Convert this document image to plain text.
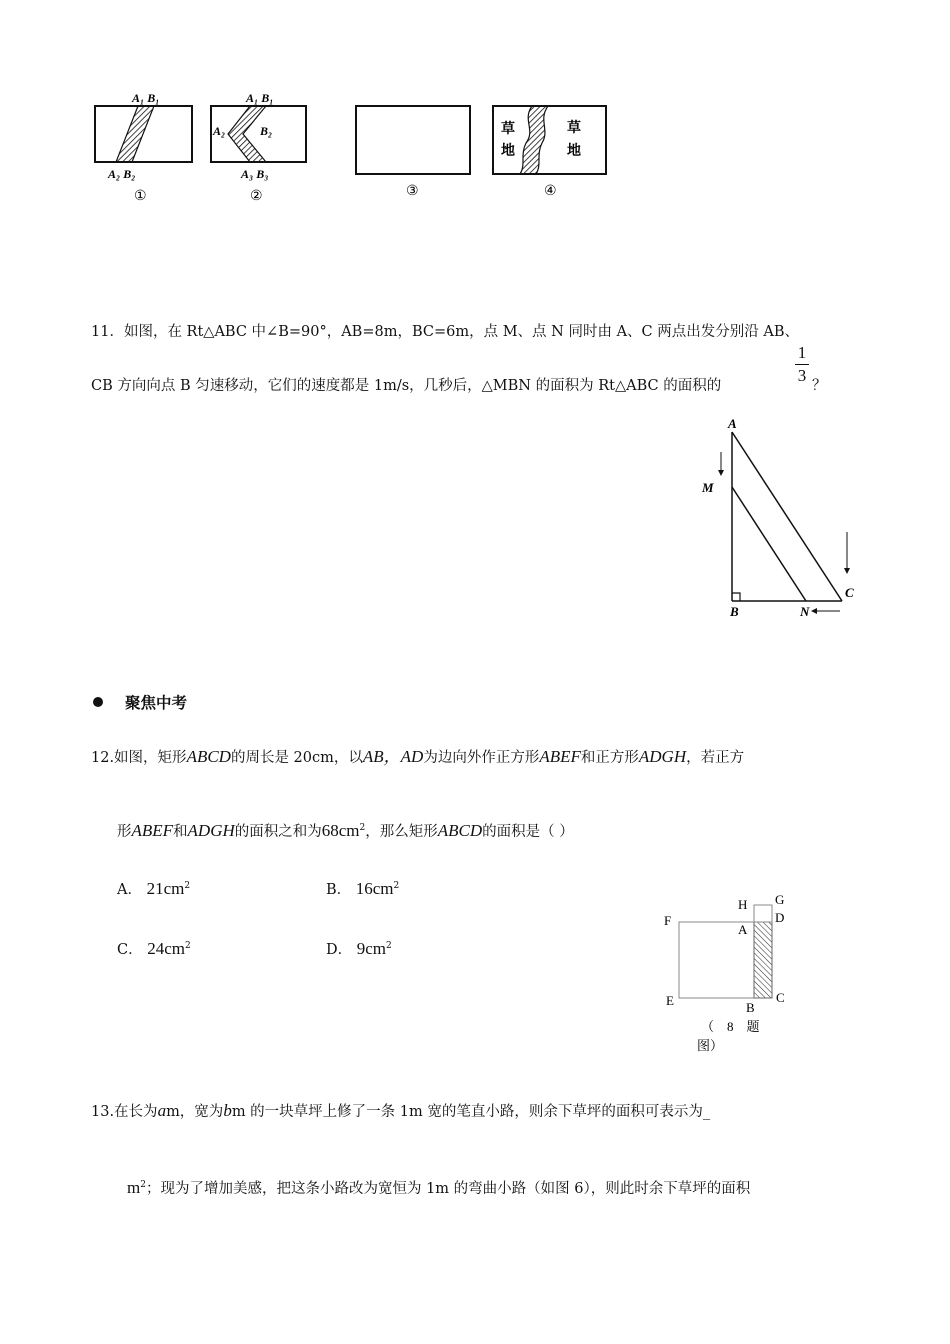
A₁ B₁
A₂ B₂
①
A₁ B₁
A₂	B₂
A₃ B₃
②	③
草
地
草
地
④
11．如图，在 Rt△ABC 中∠B=90°，AB=8m，BC=6m，点 M、点 N 同时由 A、C 两点出发分别沿 AB、
CB 方向向点 B 匀速移动，它们的速度都是 1m/s，几秒后，△MBN 的面积为 Rt△ABC 的面积的
1
3
？
A
M
B	N
C
聚焦中考
12.如图，矩形ABCD的周长是 20cm，以AB，AD为边向外作正方形ABEF和正方形ADGH，若正方
形ABEF和ADGH的面积之和为$68cm^2$，那么矩形ABCD的面积是（ ）
A． $21cm^2$	B． $16cm^2$
C． $24cm^2$	D． $9cm^2$
H G
F	D
A
E	B
C
（    8    题
图）
13.在长为am，宽为bm 的一块草坪上修了一条 1m 宽的笔直小路，则余下草坪的面积可表示为_
$m^2$；现为了增加美感，把这条小路改为宽恒为 1m 的弯曲小路（如图 6），则此时余下草坪的面积
